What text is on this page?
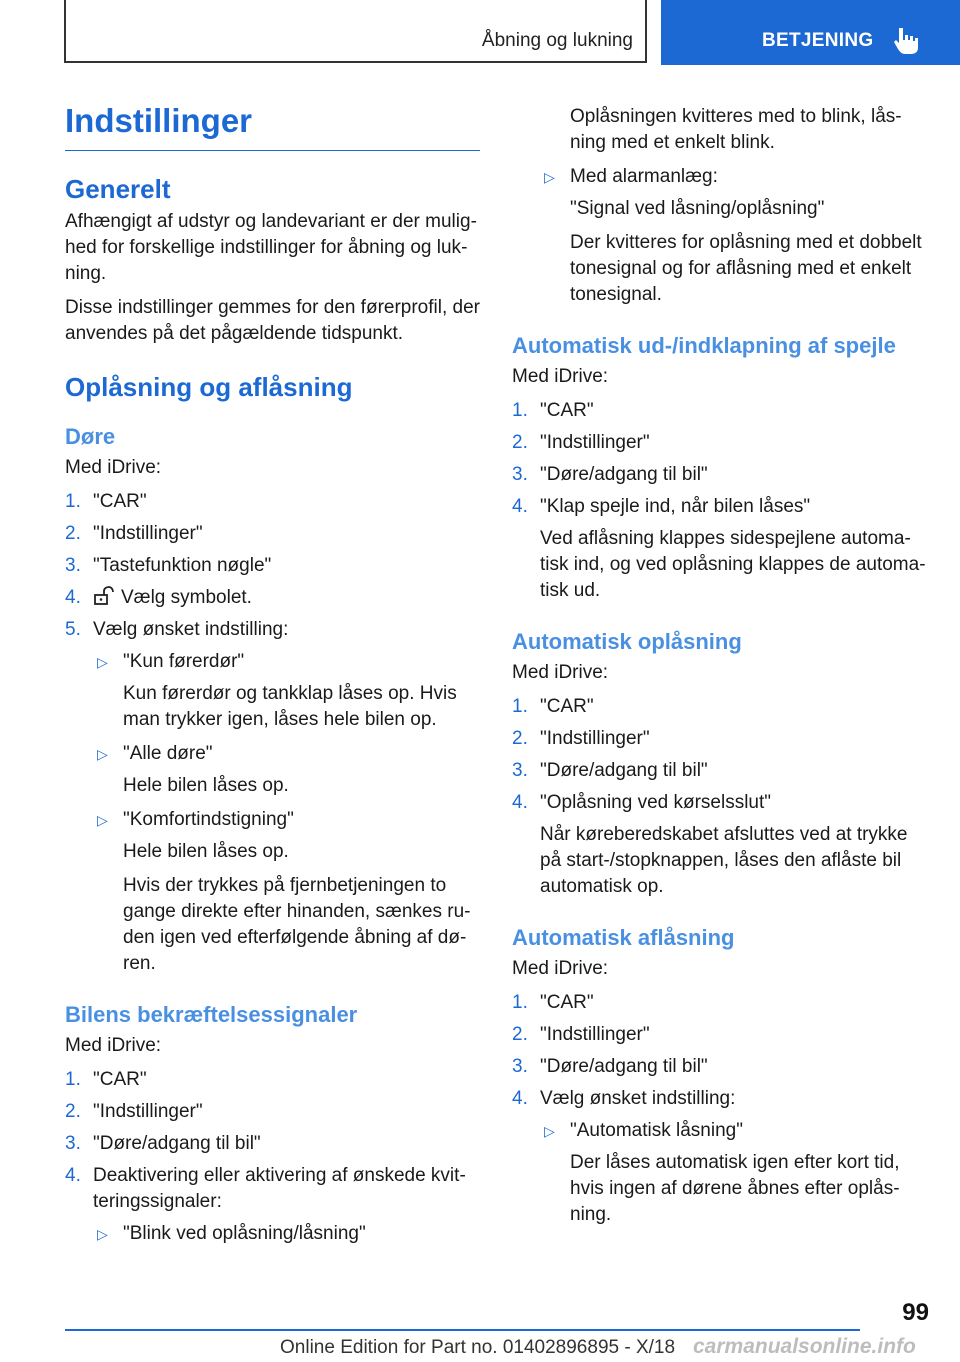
Åbning og lukning	BETJENING
Indstillinger
Generelt

Afhængigt af udstyr og landevariant er der mulighed for forskellige indstillinger for åbning og lukning.

Disse indstillinger gemmes for den førerprofil, der anvendes på det pågældende tidspunkt.

Oplåsning og aflåsning
Døre

Med iDrive:

1. "CAR"
2. "Indstillinger"
3. "Tastefunktion nøgle"
4. Vælg symbolet.
5. Vælg ønsket indstilling:
▷ "Kun førerdør"

Kun førerdør og tankklap låses op. Hvis man trykker igen, låses hele bilen op.

▷ "Alle døre"

Hele bilen låses op.

▷ "Komfortindstigning"

Hele bilen låses op.

Hvis der trykkes på fjernbetjeningen to gange direkte efter hinanden, sænkes ruden igen ved efterfølgende åbning af døren.

Bilens bekræftelsessignaler

Med iDrive:

1. "CAR"
2. "Indstillinger"
3. "Døre/adgang til bil"
4. Deaktivering eller aktivering af ønskede kvitteringssignaler:
▷ "Blink ved oplåsning/låsning"

Oplåsningen kvitteres med to blink, låsning med et enkelt blink.

▷ Med alarmanlæg:

"Signal ved låsning/oplåsning"

Der kvitteres for oplåsning med et dobbelt tonesignal og for aflåsning med et enkelt tonesignal.

Automatisk ud-/indklapning af spejle

Med iDrive:

1. "CAR"
2. "Indstillinger"
3. "Døre/adgang til bil"
4. "Klap spejle ind, når bilen låses"

Ved aflåsning klappes sidespejlene automatisk ind, og ved oplåsning klappes de automatisk ud.

Automatisk oplåsning

Med iDrive:

1. "CAR"
2. "Indstillinger"
3. "Døre/adgang til bil"
4. "Oplåsning ved kørselsslut"

Når køreberedskabet afsluttes ved at trykke på start-/stopknappen, låses den aflåste bil automatisk op.

Automatisk aflåsning

Med iDrive:

1. "CAR"
2. "Indstillinger"
3. "Døre/adgang til bil"
4. Vælg ønsket indstilling:
▷ "Automatisk låsning"

Der låses automatisk igen efter kort tid, hvis ingen af dørene åbnes efter oplåsning.

99
Online Edition for Part no. 01402896895 - X/18 carmanualsonline.info
